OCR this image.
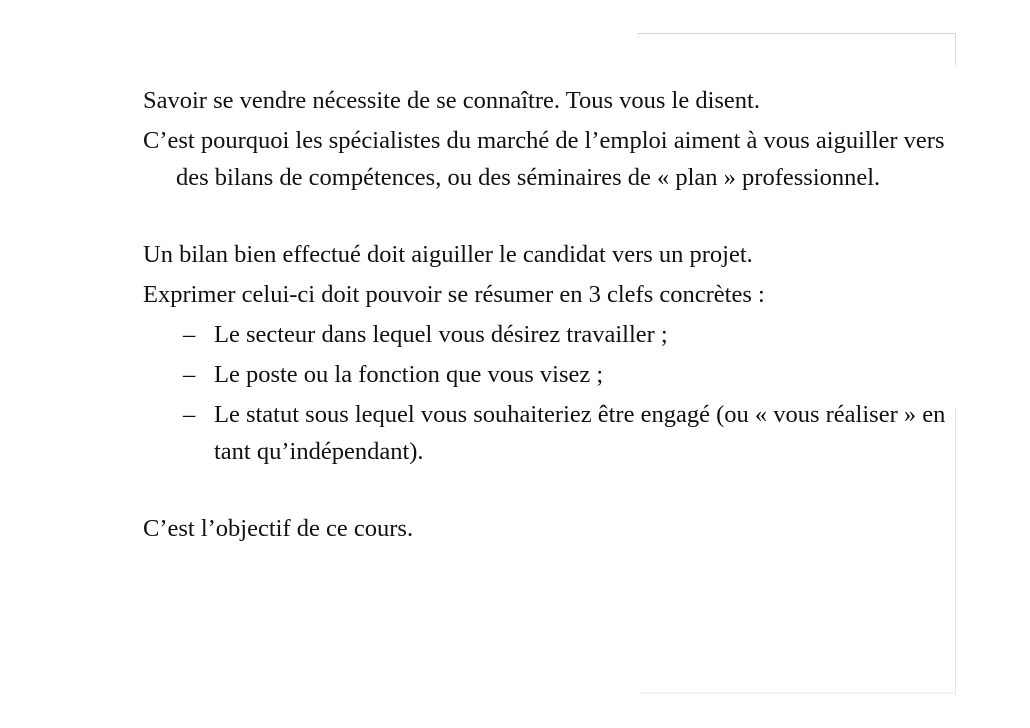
Savoir se vendre nécessite de se connaître. Tous vous le disent.

C’est pourquoi les spécialistes du marché de l’emploi aiment à vous aiguiller vers des bilans de compétences, ou des séminaires de « plan » professionnel.

Un bilan bien effectué doit aiguiller le candidat vers un projet.

Exprimer celui-ci doit pouvoir se résumer en 3 clefs concrètes :

– Le secteur dans lequel vous désirez travailler ;
– Le poste ou la fonction que vous visez ;
– Le statut sous lequel vous souhaiteriez être engagé (ou « vous réaliser » en tant qu’indépendant).

C’est l’objectif de ce cours.
